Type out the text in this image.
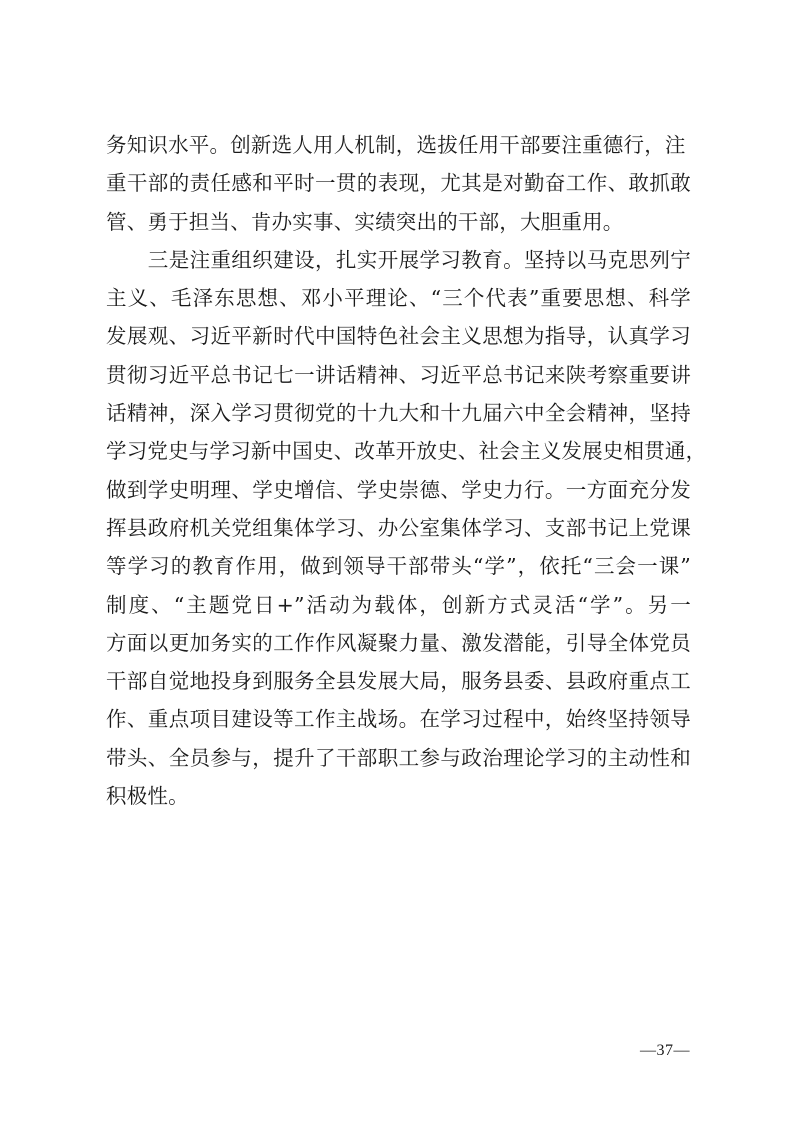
务知识水平。创新选人用人机制，选拔任用干部要注重德行，注
重干部的责任感和平时一贯的表现，尤其是对勤奋工作、敢抓敢
管、勇于担当、肯办实事、实绩突出的干部，大胆重用。
　　三是注重组织建设，扎实开展学习教育。坚持以马克思列宁
主义、毛泽东思想、邓小平理论、“三个代表”重要思想、科学
发展观、习近平新时代中国特色社会主义思想为指导，认真学习
贯彻习近平总书记七一讲话精神、习近平总书记来陕考察重要讲
话精神，深入学习贯彻党的十九大和十九届六中全会精神，坚持
学习党史与学习新中国史、改革开放史、社会主义发展史相贯通，
做到学史明理、学史增信、学史崇德、学史力行。一方面充分发
挥县政府机关党组集体学习、办公室集体学习、支部书记上党课
等学习的教育作用，做到领导干部带头“学”，依托“三会一课”
制度、“主题党日+”活动为载体，创新方式灵活“学”。另一
方面以更加务实的工作作风凝聚力量、激发潜能，引导全体党员
干部自觉地投身到服务全县发展大局，服务县委、县政府重点工
作、重点项目建设等工作主战场。在学习过程中，始终坚持领导
带头、全员参与，提升了干部职工参与政治理论学习的主动性和
积极性。
—37—
